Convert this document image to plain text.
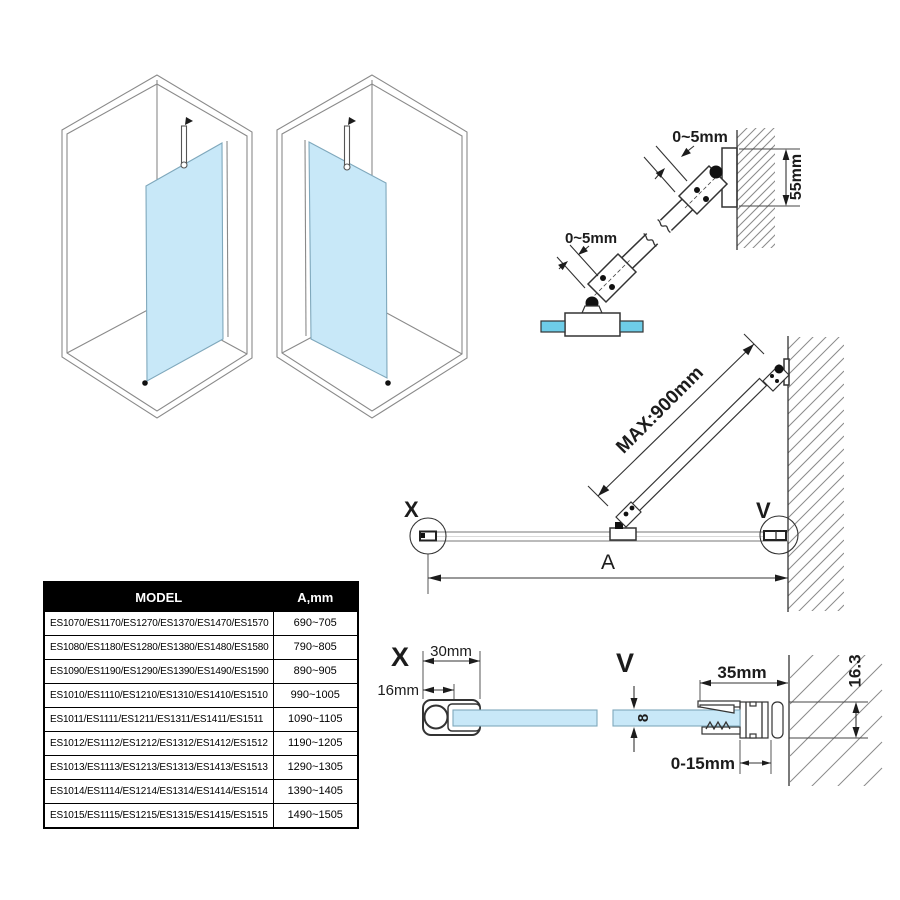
55mm
0~5mm
0~5mm
MAX:900mm
A
X	V
X 30mm
16mm
8
35mm	16.3
0-15mm
V
MODEL	A,mm
ES1070/ES1170/ES1270/ES1370/ES1470/ES1570	690~705
ES1080/ES1180/ES1280/ES1380/ES1480/ES1580	790~805
ES1090/ES1190/ES1290/ES1390/ES1490/ES1590	890~905
ES1010/ES1110/ES1210/ES1310/ES1410/ES1510	990~1005
ES1011/ES1111/ES1211/ES1311/ES1411/ES1511	1090~1105
ES1012/ES1112/ES1212/ES1312/ES1412/ES1512	1190~1205
ES1013/ES1113/ES1213/ES1313/ES1413/ES1513	1290~1305
ES1014/ES1114/ES1214/ES1314/ES1414/ES1514	1390~1405
ES1015/ES1115/ES1215/ES1315/ES1415/ES1515	1490~1505
